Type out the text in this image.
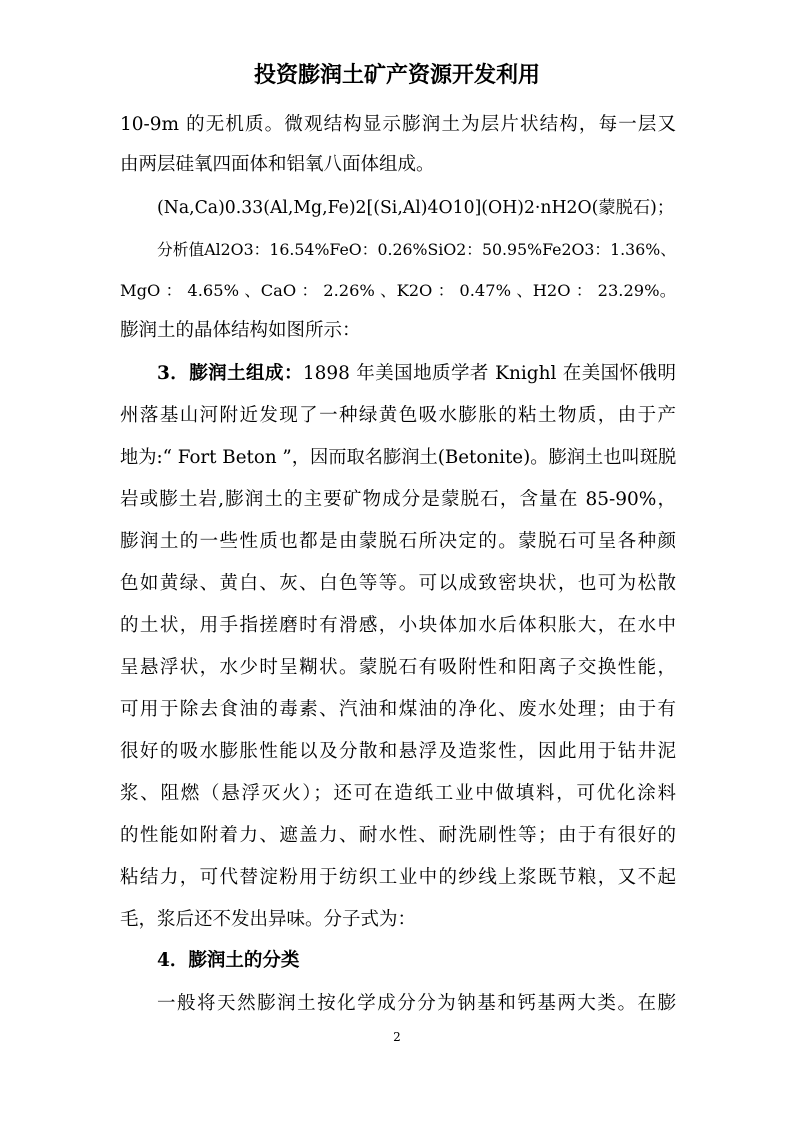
投资膨润土矿产资源开发利用
10-9m 的无机质。微观结构显示膨润土为层片状结构，每一层又
由两层硅氧四面体和铝氧八面体组成。
(Na,Ca)0.33(Al,Mg,Fe)2[(Si,Al)4O10](OH)2·nH2O(蒙脱石)；
分析值Al2O3：16.54%FeO：0.26%SiO2：50.95%Fe2O3：1.36%、
MgO ： 4.65% 、CaO ： 2.26% 、K2O ： 0.47% 、H2O ： 23.29%。
膨润土的晶体结构如图所示：
3．膨润土组成：1898 年美国地质学者 Knighl 在美国怀俄明
州落基山河附近发现了一种绿黄色吸水膨胀的粘土物质，由于产
地为:“ Fort Beton ”，因而取名膨润土(Betonite)。膨润土也叫斑脱
岩或膨土岩,膨润土的主要矿物成分是蒙脱石，含量在 85-90%，
膨润土的一些性质也都是由蒙脱石所决定的。蒙脱石可呈各种颜
色如黄绿、黄白、灰、白色等等。可以成致密块状，也可为松散
的土状，用手指搓磨时有滑感，小块体加水后体积胀大，在水中
呈悬浮状，水少时呈糊状。蒙脱石有吸附性和阳离子交换性能，
可用于除去食油的毒素、汽油和煤油的净化、废水处理；由于有
很好的吸水膨胀性能以及分散和悬浮及造浆性，因此用于钻井泥
浆、阻燃（悬浮灭火）；还可在造纸工业中做填料，可优化涂料
的性能如附着力、遮盖力、耐水性、耐洗刷性等；由于有很好的
粘结力，可代替淀粉用于纺织工业中的纱线上浆既节粮，又不起
毛，浆后还不发出异味。分子式为：
4．膨润土的分类
一般将天然膨润土按化学成分分为钠基和钙基两大类。在膨
2
